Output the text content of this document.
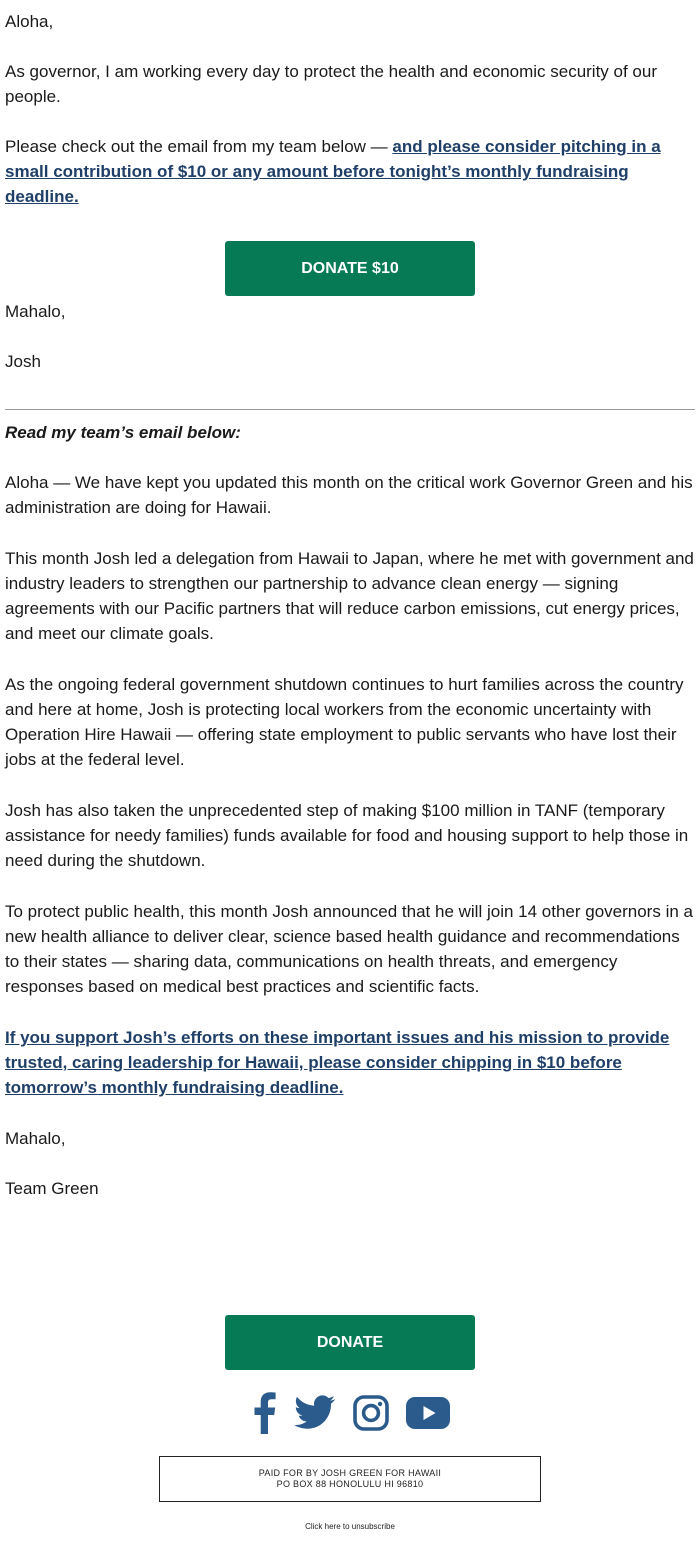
Aloha,

As governor, I am working every day to protect the health and economic security of our people.

Please check out the email from my team below — and please consider pitching in a small contribution of $10 or any amount before tonight’s monthly fundraising deadline.

DONATE $10

Mahalo,

Josh

Read my team’s email below:

Aloha — We have kept you updated this month on the critical work Governor Green and his administration are doing for Hawaii.

This month Josh led a delegation from Hawaii to Japan, where he met with government and industry leaders to strengthen our partnership to advance clean energy — signing agreements with our Pacific partners that will reduce carbon emissions, cut energy prices, and meet our climate goals.

As the ongoing federal government shutdown continues to hurt families across the country and here at home, Josh is protecting local workers from the economic uncertainty with Operation Hire Hawaii — offering state employment to public servants who have lost their jobs at the federal level.

Josh has also taken the unprecedented step of making $100 million in TANF (temporary assistance for needy families) funds available for food and housing support to help those in need during the shutdown.

To protect public health, this month Josh announced that he will join 14 other governors in a new health alliance to deliver clear, science based health guidance and recommendations to their states — sharing data, communications on health threats, and emergency responses based on medical best practices and scientific facts.

If you support Josh’s efforts on these important issues and his mission to provide trusted, caring leadership for Hawaii, please consider chipping in $10 before tomorrow’s monthly fundraising deadline.

Mahalo,

Team Green

DONATE
PAID FOR BY JOSH GREEN FOR HAWAII
PO BOX 88 HONOLULU HI 96810
Click here to unsubscribe
